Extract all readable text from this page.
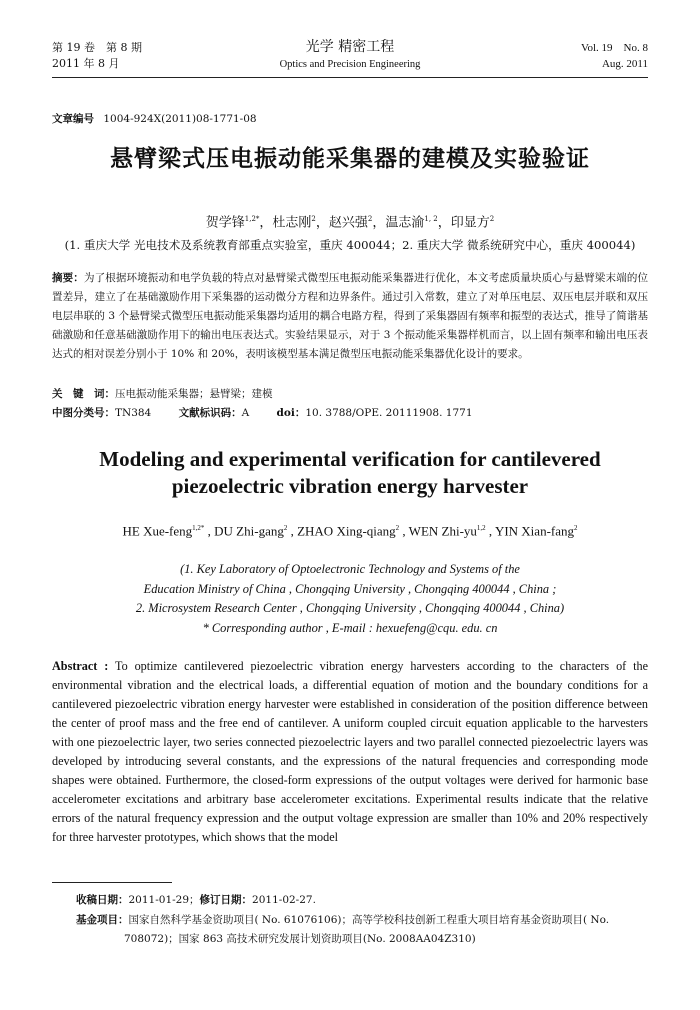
第 19 卷　第 8 期
2011 年 8 月
光学 精密工程
Optics and Precision Engineering
Vol. 19　No. 8
Aug. 2011
文章编号 1004-924X(2011)08-1771-08
悬臂梁式压电振动能采集器的建模及实验验证
贺学锋$^{1,2*}$，杜志刚$^2$，赵兴强$^2$，温志渝$^{1, 2}$，印显方$^2$
(1. 重庆大学 光电技术及系统教育部重点实验室，重庆 400044；2. 重庆大学 微系统研究中心，重庆 400044)
摘要：为了根据环境振动和电学负载的特点对悬臂梁式微型压电振动能采集器进行优化，本文考虑质量块质心与悬臂梁末端的位置差异，建立了在基础激励作用下采集器的运动微分方程和边界条件。通过引入常数，建立了对单压电层、双压电层并联和双压电层串联的 3 个悬臂梁式微型压电振动能采集器均适用的耦合电路方程，得到了采集器固有频率和振型的表达式，推导了简谐基础激励和任意基础激励作用下的输出电压表达式。实验结果显示，对于 3 个振动能采集器样机而言，以上固有频率和输出电压表达式的相对误差分别小于 10% 和 20%，表明该模型基本满足微型压电振动能采集器优化设计的要求。
关　键　词：压电振动能采集器；悬臂梁；建模
中图分类号：TN384	文献标识码：A	doi：10. 3788/OPE. 20111908. 1771
Modeling and experimental verification for cantilevered
piezoelectric vibration energy harvester
HE Xue-feng$^{1,2*}$ , DU Zhi-gang$^2$ , ZHAO Xing-qiang$^2$ , WEN Zhi-yu$^{1,2}$ , YIN Xian-fang$^2$
(1. Key Laboratory of Optoelectronic Technology and Systems of the
Education Ministry of China , Chongqing University , Chongqing 400044 , China ;
2. Microsystem Research Center , Chongqing University , Chongqing 400044 , China)
* Corresponding author , E-mail : hexuefeng@cqu. edu. cn
Abstract : To optimize cantilevered piezoelectric vibration energy harvesters according to the characters of the environmental vibration and the electrical loads, a differential equation of motion and the boundary conditions for a cantilevered piezoelectric vibration energy harvester were established in consideration of the position difference between the center of proof mass and the free end of cantilever. A uniform coupled circuit equation applicable to the harvesters with one piezoelectric layer, two series connected piezoelectric layers and two parallel connected piezoelectric layers was developed by introducing several constants, and the expressions of the natural frequencies and corresponding mode shapes were obtained. Furthermore, the closed-form expressions of the output voltages were derived for harmonic base accelerometer excitations and arbitrary base accelerometer excitations. Experimental results indicate that the relative errors of the natural frequency expression and the output voltage expression are smaller than 10% and 20% respectively for three harvester prototypes, which shows that the model
收稿日期：2011-01-29；修订日期：2011-02-27.
基金项目：国家自然科学基金资助项目( No. 61076106)；高等学校科技创新工程重大项目培育基金资助项目( No.
708072)；国家 863 高技术研究发展计划资助项目(No. 2008AA04Z310)
